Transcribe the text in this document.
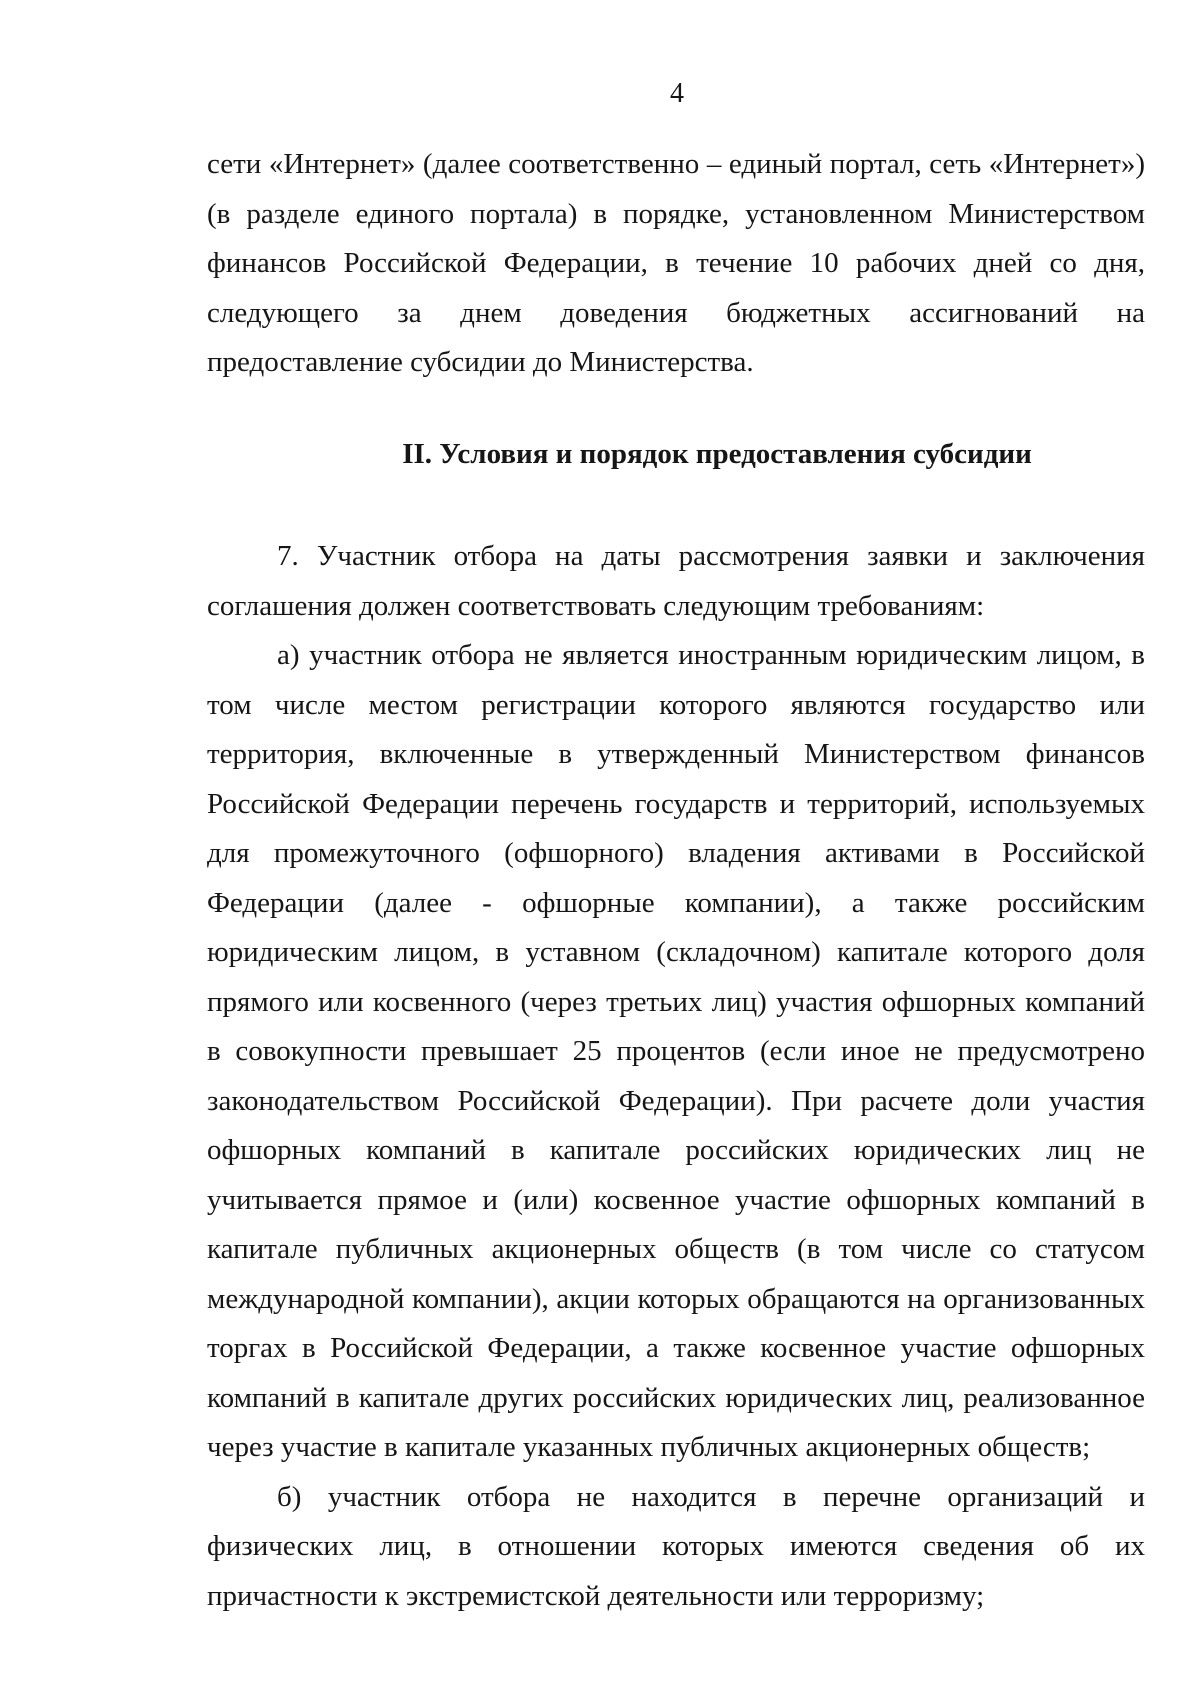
4

сети «Интернет» (далее соответственно – единый портал, сеть «Интернет») (в разделе единого портала) в порядке, установленном Министерством финансов Российской Федерации, в течение 10 рабочих дней со дня, следующего за днем доведения бюджетных ассигнований на предоставление субсидии до Министерства.

II. Условия и порядок предоставления субсидии

7. Участник отбора на даты рассмотрения заявки и заключения соглашения должен соответствовать следующим требованиям:

а) участник отбора не является иностранным юридическим лицом, в том числе местом регистрации которого являются государство или территория, включенные в утвержденный Министерством финансов Российской Федерации перечень государств и территорий, используемых для промежуточного (офшорного) владения активами в Российской Федерации (далее - офшорные компании), а также российским юридическим лицом, в уставном (складочном) капитале которого доля прямого или косвенного (через третьих лиц) участия офшорных компаний в совокупности превышает 25 процентов (если иное не предусмотрено законодательством Российской Федерации). При расчете доли участия офшорных компаний в капитале российских юридических лиц не учитывается прямое и (или) косвенное участие офшорных компаний в капитале публичных акционерных обществ (в том числе со статусом международной компании), акции которых обращаются на организованных торгах в Российской Федерации, а также косвенное участие офшорных компаний в капитале других российских юридических лиц, реализованное через участие в капитале указанных публичных акционерных обществ;

б) участник отбора не находится в перечне организаций и физических лиц, в отношении которых имеются сведения об их причастности к экстремистской деятельности или терроризму;
